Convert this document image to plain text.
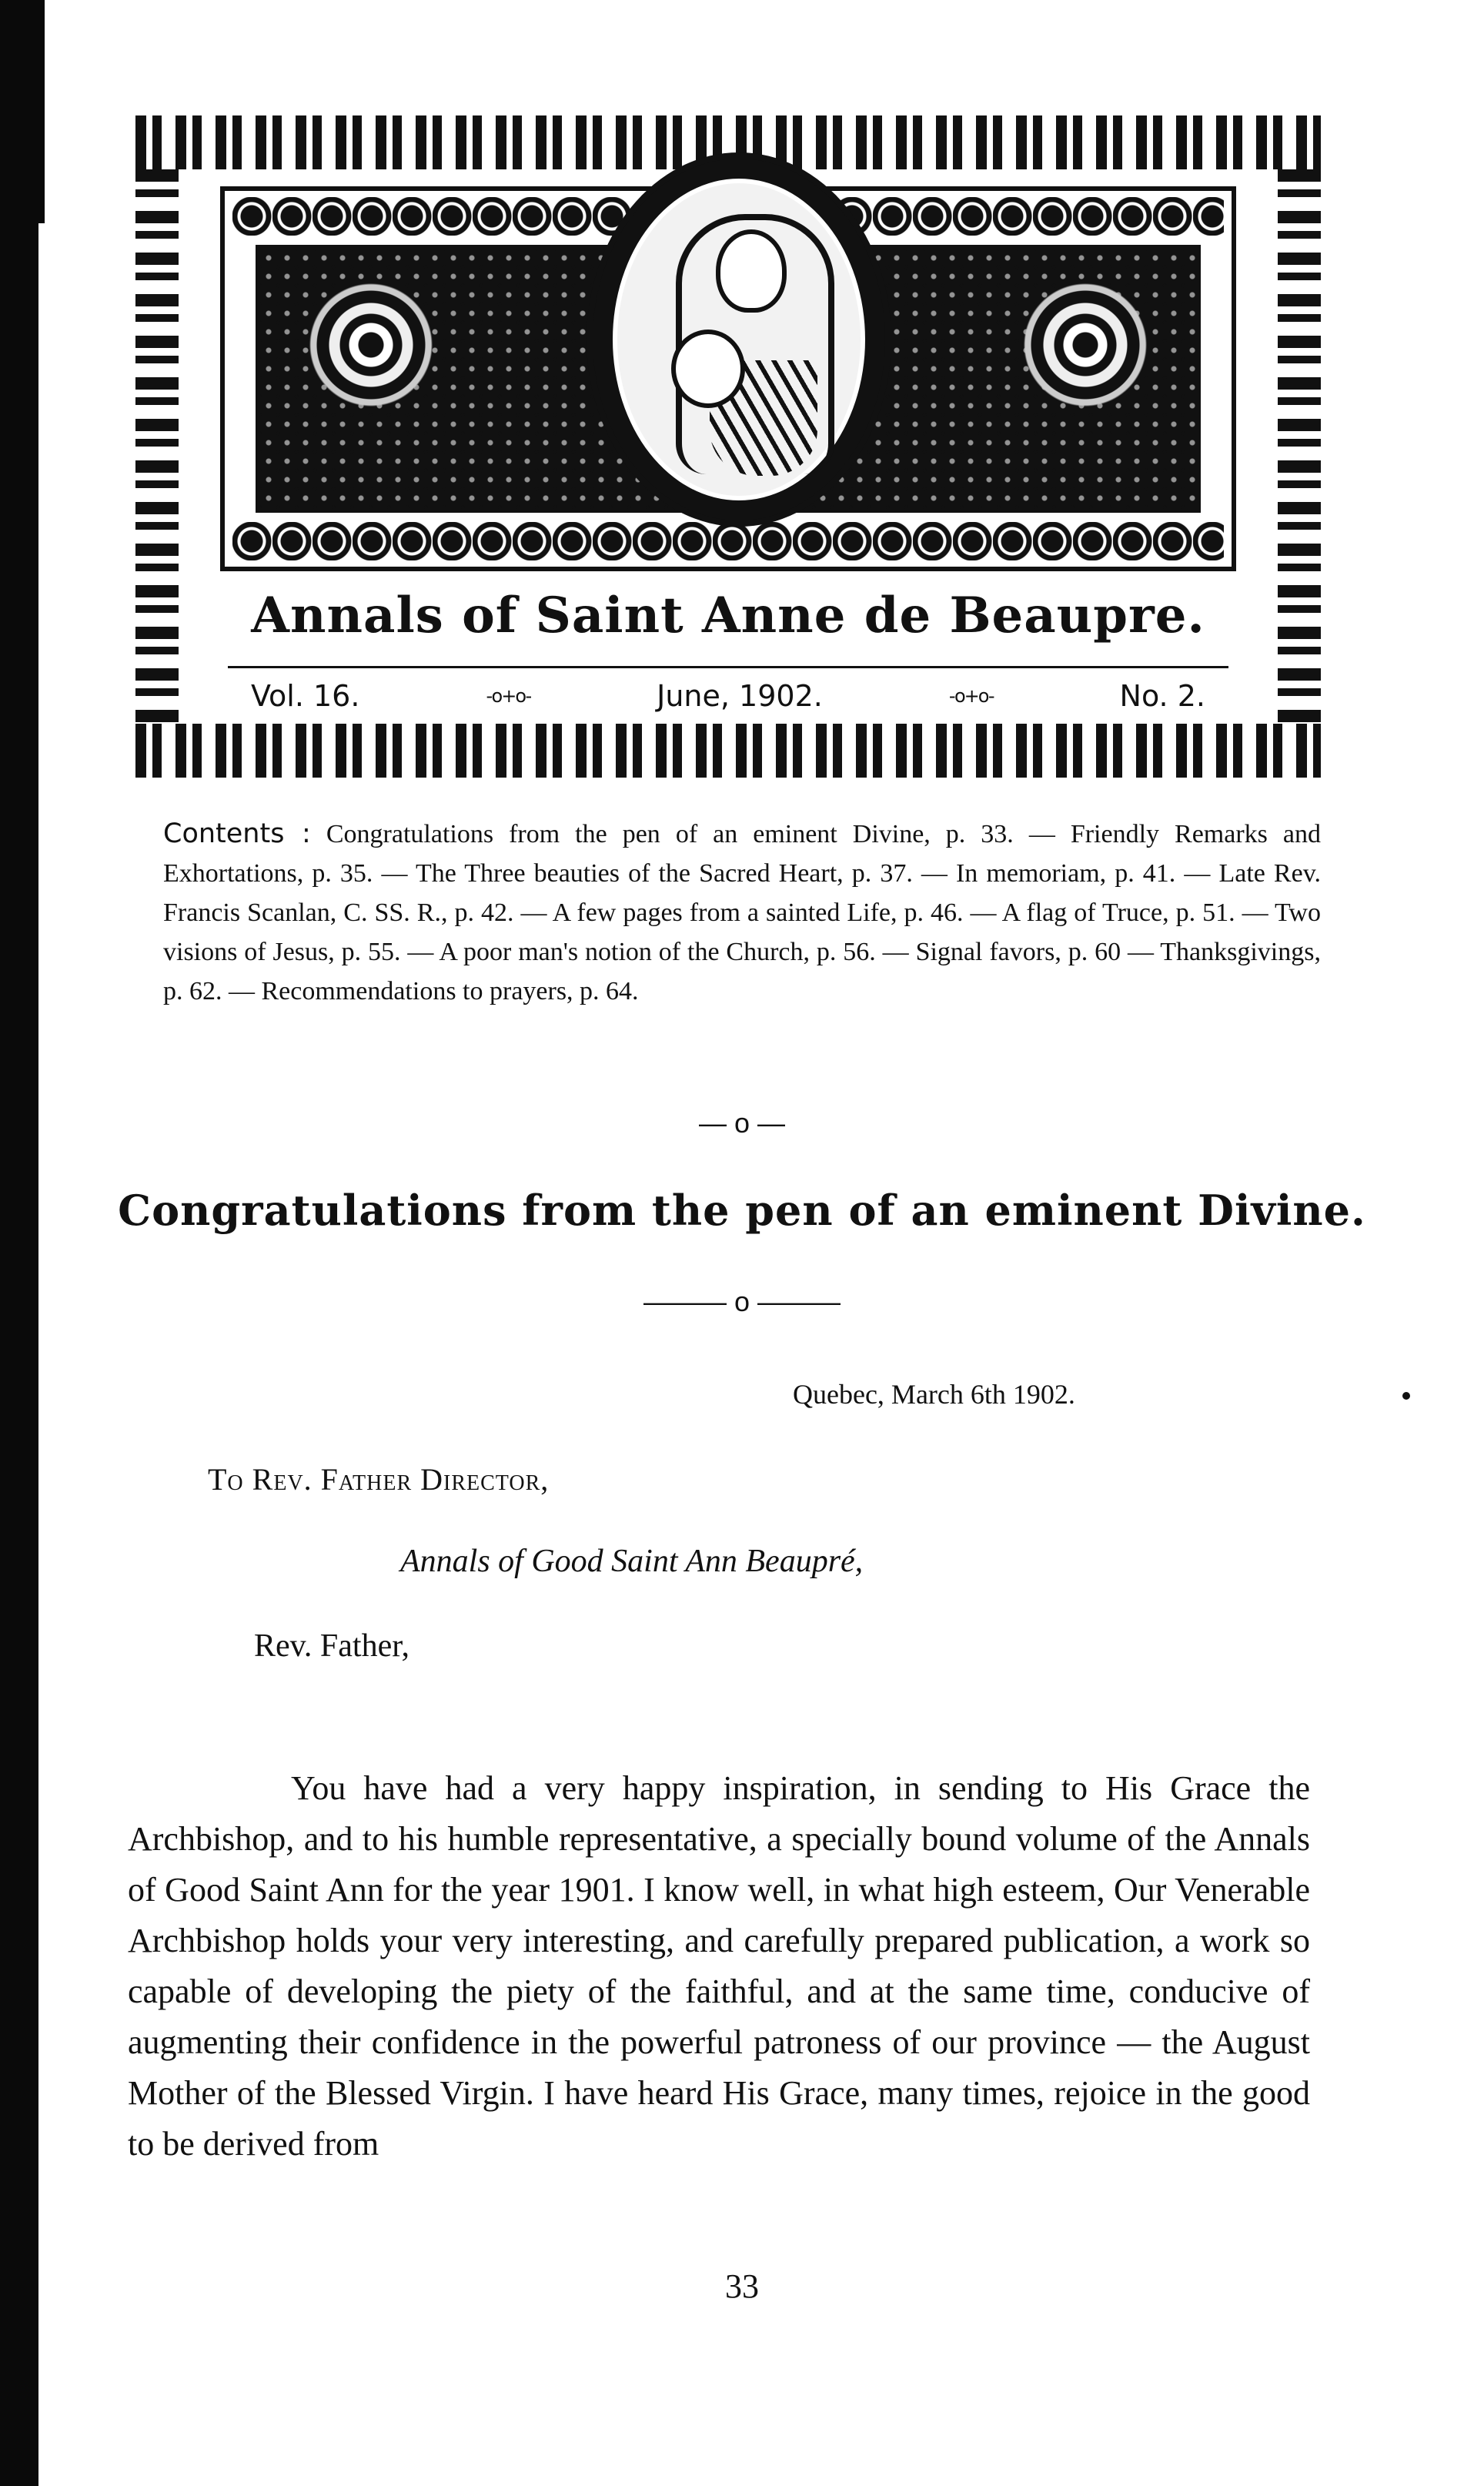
Annals of Saint Anne de Beaupre.
Vol. 16.	-o+o-	June, 1902.	-o+o-	No. 2.
Contents : Congratulations from the pen of an eminent Divine, p. 33. — Friendly Remarks and Exhortations, p. 35. — The Three beauties of the Sacred Heart, p. 37. — In memoriam, p. 41. — Late Rev. Francis Scanlan, C. SS. R., p. 42. — A few pages from a sainted Life, p. 46. — A flag of Truce, p. 51. — Two visions of Jesus, p. 55. — A poor man's notion of the Church, p. 56. — Signal favors, p. 60 — Thanksgivings, p. 62. — Recommendations to prayers, p. 64.
— o —
Congratulations from the pen of an eminent Divine.
——— o ———
Quebec, March 6th 1902.
To Rev. Father Director,
Annals of Good Saint Ann Beaupré,
Rev. Father,
You have had a very happy inspiration, in sending to His Grace the Archbishop, and to his humble representative, a specially bound volume of the Annals of Good Saint Ann for the year 1901. I know well, in what high esteem, Our Venerable Archbishop holds your very interesting, and carefully prepared publication, a work so capable of developing the piety of the faithful, and at the same time, conducive of augmenting their confidence in the powerful patroness of our province — the August Mother of the Blessed Virgin. I have heard His Grace, many times, rejoice in the good to be derived from
33
